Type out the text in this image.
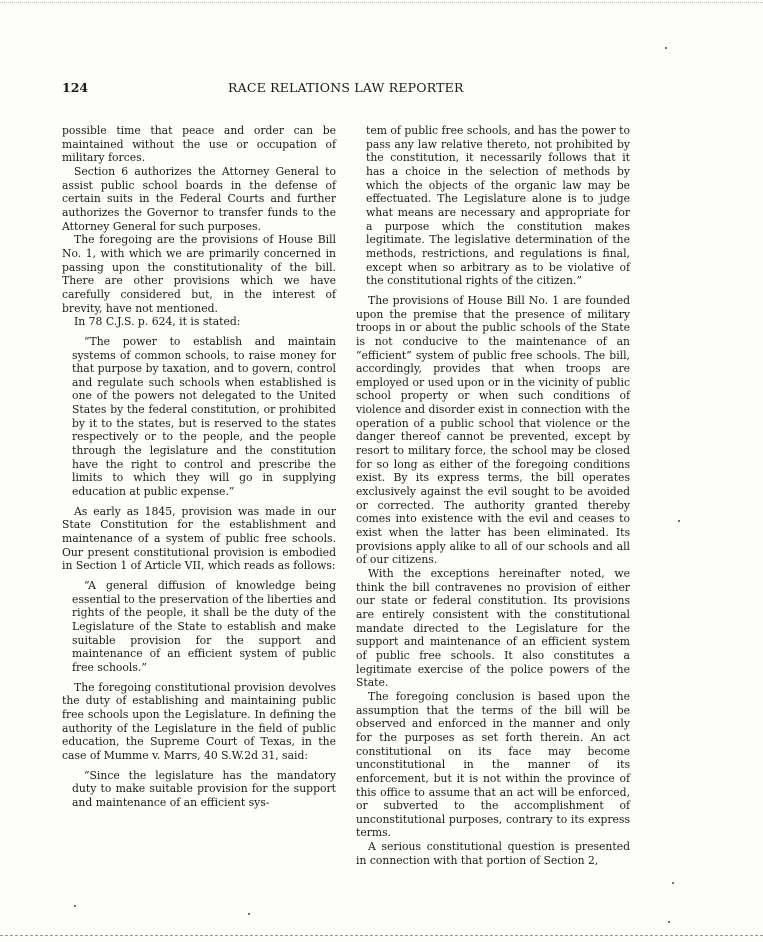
124	RACE RELATIONS LAW REPORTER

possible time that peace and order can be maintained without the use or occupation of military forces.

Section 6 authorizes the Attorney General to assist public school boards in the defense of certain suits in the Federal Courts and further authorizes the Governor to transfer funds to the Attorney General for such purposes.

The foregoing are the provisions of House Bill No. 1, with which we are primarily concerned in passing upon the constitutionality of the bill. There are other provisions which we have carefully considered but, in the interest of brevity, have not mentioned.

In 78 C.J.S. p. 624, it is stated:

“The power to establish and maintain systems of common schools, to raise money for that purpose by taxation, and to govern, control and regulate such schools when established is one of the powers not delegated to the United States by the federal constitution, or prohibited by it to the states, but is reserved to the states respectively or to the people, and the people through the legislature and the constitution have the right to control and prescribe the limits to which they will go in supplying education at public expense.”

As early as 1845, provision was made in our State Constitution for the establishment and maintenance of a system of public free schools. Our present constitutional provision is embodied in Section 1 of Article VII, which reads as follows:

“A general diffusion of knowledge being essential to the preservation of the liberties and rights of the people, it shall be the duty of the Legislature of the State to establish and make suitable provision for the support and maintenance of an efficient system of public free schools.”

The foregoing constitutional provision devolves the duty of establishing and maintaining public free schools upon the Legislature. In defining the authority of the Legislature in the field of public education, the Supreme Court of Texas, in the case of Mumme v. Marrs, 40 S.W.2d 31, said:

“Since the legislature has the mandatory duty to make suitable provision for the support and maintenance of an efficient sys-
tem of public free schools, and has the power to pass any law relative thereto, not prohibited by the constitution, it necessarily follows that it has a choice in the selection of methods by which the objects of the organic law may be effectuated. The Legislature alone is to judge what means are necessary and appropriate for a purpose which the constitution makes legitimate. The legislative determination of the methods, restrictions, and regulations is final, except when so arbitrary as to be violative of the constitutional rights of the citizen.”

The provisions of House Bill No. 1 are founded upon the premise that the presence of military troops in or about the public schools of the State is not conducive to the maintenance of an “efficient” system of public free schools. The bill, accordingly, provides that when troops are employed or used upon or in the vicinity of public school property or when such conditions of violence and disorder exist in connection with the operation of a public school that violence or the danger thereof cannot be prevented, except by resort to military force, the school may be closed for so long as either of the foregoing conditions exist. By its express terms, the bill operates exclusively against the evil sought to be avoided or corrected. The authority granted thereby comes into existence with the evil and ceases to exist when the latter has been eliminated. Its provisions apply alike to all of our schools and all of our citizens.

With the exceptions hereinafter noted, we think the bill contravenes no provision of either our state or federal constitution. Its provisions are entirely consistent with the constitutional mandate directed to the Legislature for the support and maintenance of an efficient system of public free schools. It also constitutes a legitimate exercise of the police powers of the State.

The foregoing conclusion is based upon the assumption that the terms of the bill will be observed and enforced in the manner and only for the purposes as set forth therein. An act constitutional on its face may become unconstitutional in the manner of its enforcement, but it is not within the province of this office to assume that an act will be enforced, or subverted to the accomplishment of unconstitutional purposes, contrary to its express terms.

A serious constitutional question is presented in connection with that portion of Section 2,
